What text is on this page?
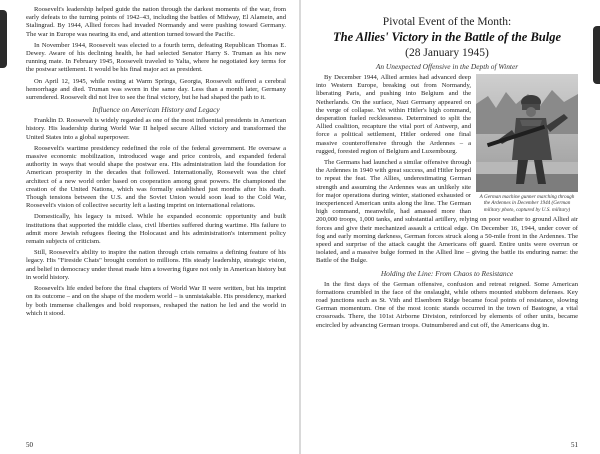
Roosevelt's leadership helped guide the nation through the darkest moments of the war, from early defeats to the turning points of 1942–43, including the battles of Midway, El Alamein, and Stalingrad. By 1944, Allied forces had invaded Normandy and were pushing toward Germany. The war in Europe was nearing its end, and attention turned toward the Pacific.

In November 1944, Roosevelt was elected to a fourth term, defeating Republican Thomas E. Dewey. Aware of his declining health, he had selected Senator Harry S. Truman as his new running mate. In February 1945, Roosevelt traveled to Yalta, where he negotiated key terms for the postwar settlement. It would be his final major act as president.

On April 12, 1945, while resting at Warm Springs, Georgia, Roosevelt suffered a cerebral hemorrhage and died. Truman was sworn in the same day. Less than a month later, Germany surrendered. Roosevelt did not live to see the final victory, but he had shaped the path to it.

Influence on American History and Legacy

Franklin D. Roosevelt is widely regarded as one of the most influential presidents in American history. His leadership during World War II helped secure Allied victory and transformed the United States into a global superpower.

Roosevelt's wartime presidency redefined the role of the federal government. He oversaw a massive economic mobilization, introduced wage and price controls, and expanded federal authority in ways that would shape the postwar era. His administration laid the foundation for American prosperity in the decades that followed. Internationally, Roosevelt was the chief architect of a new world order based on cooperation among great powers. He championed the creation of the United Nations, which was formally established just months after his death. Though tensions between the U.S. and the Soviet Union would soon lead to the Cold War, Roosevelt's vision of collective security left a lasting imprint on international relations.

Domestically, his legacy is mixed. While he expanded economic opportunity and built institutions that supported the middle class, civil liberties suffered during wartime. His failure to admit more Jewish refugees fleeing the Holocaust and his administration's internment policy remain subjects of criticism.

Still, Roosevelt's ability to inspire the nation through crisis remains a defining feature of his legacy. His "Fireside Chats" brought comfort to millions. His steady leadership, strategic vision, and belief in democracy under threat made him a towering figure not only in American history but in world history.

Roosevelt's life ended before the final chapters of World War II were written, but his imprint on its outcome – and on the shape of the modern world – is unmistakable. His presidency, marked by both immense challenges and bold responses, reshaped the nation he led and the world in which it stood.

50
Pivotal Event of the Month:
The Allies' Victory in the Battle of the Bulge
(28 January 1945)
An Unexpected Offensive in the Depth of Winter
A German machine gunner marching through the Ardennes in December 1944 (German military photo, captured by U.S. military)

By December 1944, Allied armies had advanced deep into Western Europe, breaking out from Normandy, liberating Paris, and pushing into Belgium and the Netherlands. On the surface, Nazi Germany appeared on the verge of collapse. Yet within Hitler's high command, desperation fueled recklessness. Determined to split the Allied coalition, recapture the vital port of Antwerp, and force a political settlement, Hitler ordered one final massive counteroffensive through the Ardennes – a rugged, forested region of Belgium and Luxembourg.

The Germans had launched a similar offensive through the Ardennes in 1940 with great success, and Hitler hoped to repeat the feat. The Allies, underestimating German strength and assuming the Ardennes was an unlikely site for major operations during winter, stationed exhausted or inexperienced American units along the line. The German high command, meanwhile, had amassed more than 200,000 troops, 1,000 tanks, and substantial artillery, relying on poor weather to ground Allied air forces and give their mechanized assault a critical edge. On December 16, 1944, under cover of fog and early morning darkness, German forces struck along a 50-mile front in the Ardennes. The speed and surprise of the attack caught the Americans off guard. Entire units were overrun or isolated, and a massive bulge formed in the Allied line – giving the battle its enduring name: the Battle of the Bulge.

Holding the Line: From Chaos to Resistance

In the first days of the German offensive, confusion and retreat reigned. Some American formations crumbled in the face of the onslaught, while others mounted stubborn defenses. Key road junctions such as St. Vith and Elsenborn Ridge became focal points of resistance, slowing German momentum. One of the most iconic stands occurred in the town of Bastogne, a vital crossroads. There, the 101st Airborne Division, reinforced by elements of other units, became encircled by advancing German troops. Outnumbered and cut off, the Americans dug in.

51
